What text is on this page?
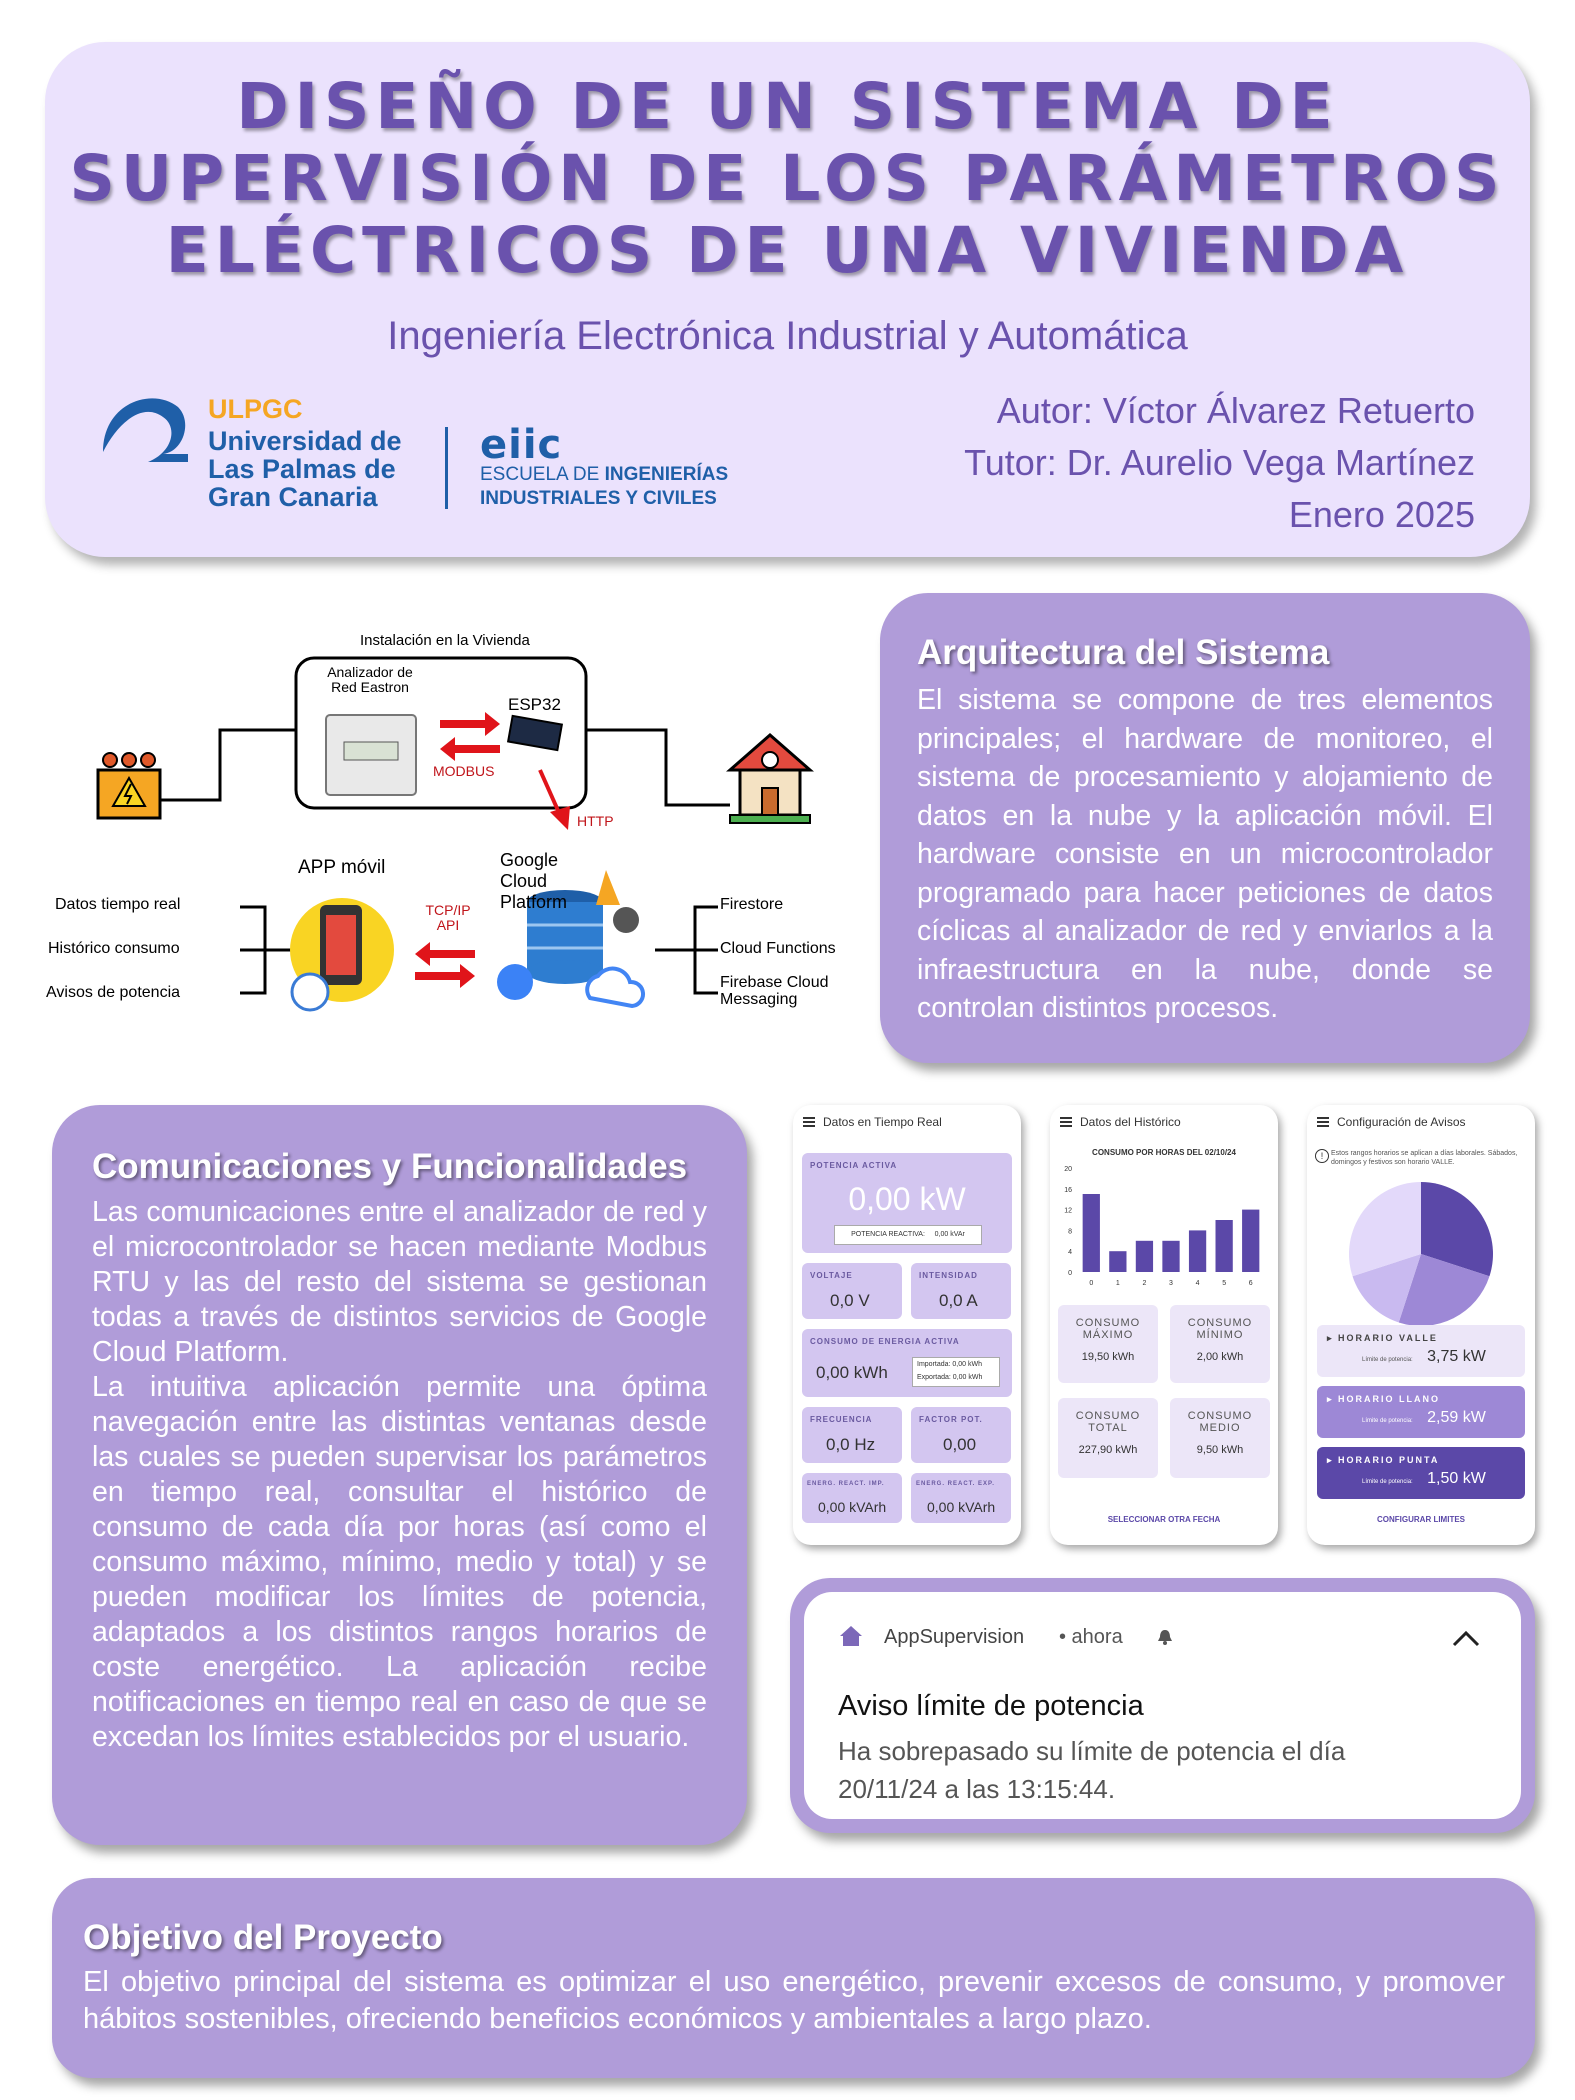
DISEÑO DE UN SISTEMA DE
SUPERVISIÓN DE LOS PARÁMETROS
ELÉCTRICOS DE UNA VIVIENDA
Ingeniería Electrónica Industrial y Automática
ULPGC
Universidad de
Las Palmas de
Gran Canaria
eiic
ESCUELA DE INGENIERÍAS
INDUSTRIALES Y CIVILES
Autor: Víctor Álvarez Retuerto
Tutor: Dr. Aurelio Vega Martínez
Enero 2025
Instalación en la Vivienda
Analizador de Red Eastron
ESP32
MODBUS
HTTP
Google Cloud Platform
APP móvil
TCP/IP API
Datos tiempo real
Histórico consumo
Avisos de potencia
Firestore
Cloud Functions
Firebase Cloud Messaging
Arquitectura del Sistema

El sistema se compone de tres elementos principales; el hardware de monitoreo, el sistema de procesamiento y alojamiento de datos en la nube y la aplicación móvil. El hardware consiste en un microcontrolador programado para hacer peticiones de datos cíclicas al analizador de red y enviarlos a la infraestructura en la nube, donde se controlan distintos procesos.

Comunicaciones y Funcionalidades

Las comunicaciones entre el analizador de red y el microcontrolador se hacen mediante Modbus RTU y las del resto del sistema se gestionan todas a través de distintos servicios de Google Cloud Platform.

La intuitiva aplicación permite una óptima navegación entre las distintas ventanas desde las cuales se pueden supervisar los parámetros en tiempo real, consultar el histórico de consumo de cada día por horas (así como el consumo máximo, mínimo, medio y total) y se pueden modificar los límites de potencia, adaptados a los distintos rangos horarios de coste energético. La aplicación recibe notificaciones en tiempo real en caso de que se excedan los límites establecidos por el usuario.

Datos en Tiempo Real
POTENCIA ACTIVA
0,00 kW
POTENCIA REACTIVA: 0,00 kVAr
VOLTAJE
0,0 V
INTENSIDAD
0,0 A
CONSUMO DE ENERGIA ACTIVA
0,00 kWh	Importada: 0,00 kWh
Exportada: 0,00 kWh
FRECUENCIA
0,0 Hz
FACTOR POT.
0,00
ENERG. REACT. IMP.
0,00 kVArh
ENERG. REACT. EXP.
0,00 kVArh
Datos del Histórico
CONSUMO POR HORAS DEL 02/10/24
0
4
8
12
16
20
0	1	2	3	4	5	6
CONSUMO MÁXIMO
19,50 kWh
CONSUMO MÍNIMO
2,00 kWh
CONSUMO TOTAL
227,90 kWh
CONSUMO MEDIO
9,50 kWh
SELECCIONAR OTRA FECHA
Configuración de Avisos
!	Estos rangos horarios se aplican a días laborales. Sábados, domingos y festivos son horario VALLE.
▸ HORARIO VALLE
Límite de potencia: 3,75 kW
▸ HORARIO LLANO
Límite de potencia: 2,59 kW
▸ HORARIO PUNTA
Límite de potencia: 1,50 kW
CONFIGURAR LIMITES
AppSupervision • ahora
Aviso límite de potencia
Ha sobrepasado su límite de potencia el día 20/11/24 a las 13:15:44.
Objetivo del Proyecto

El objetivo principal del sistema es optimizar el uso energético, prevenir excesos de consumo, y promover hábitos sostenibles, ofreciendo beneficios económicos y ambientales a largo plazo.
